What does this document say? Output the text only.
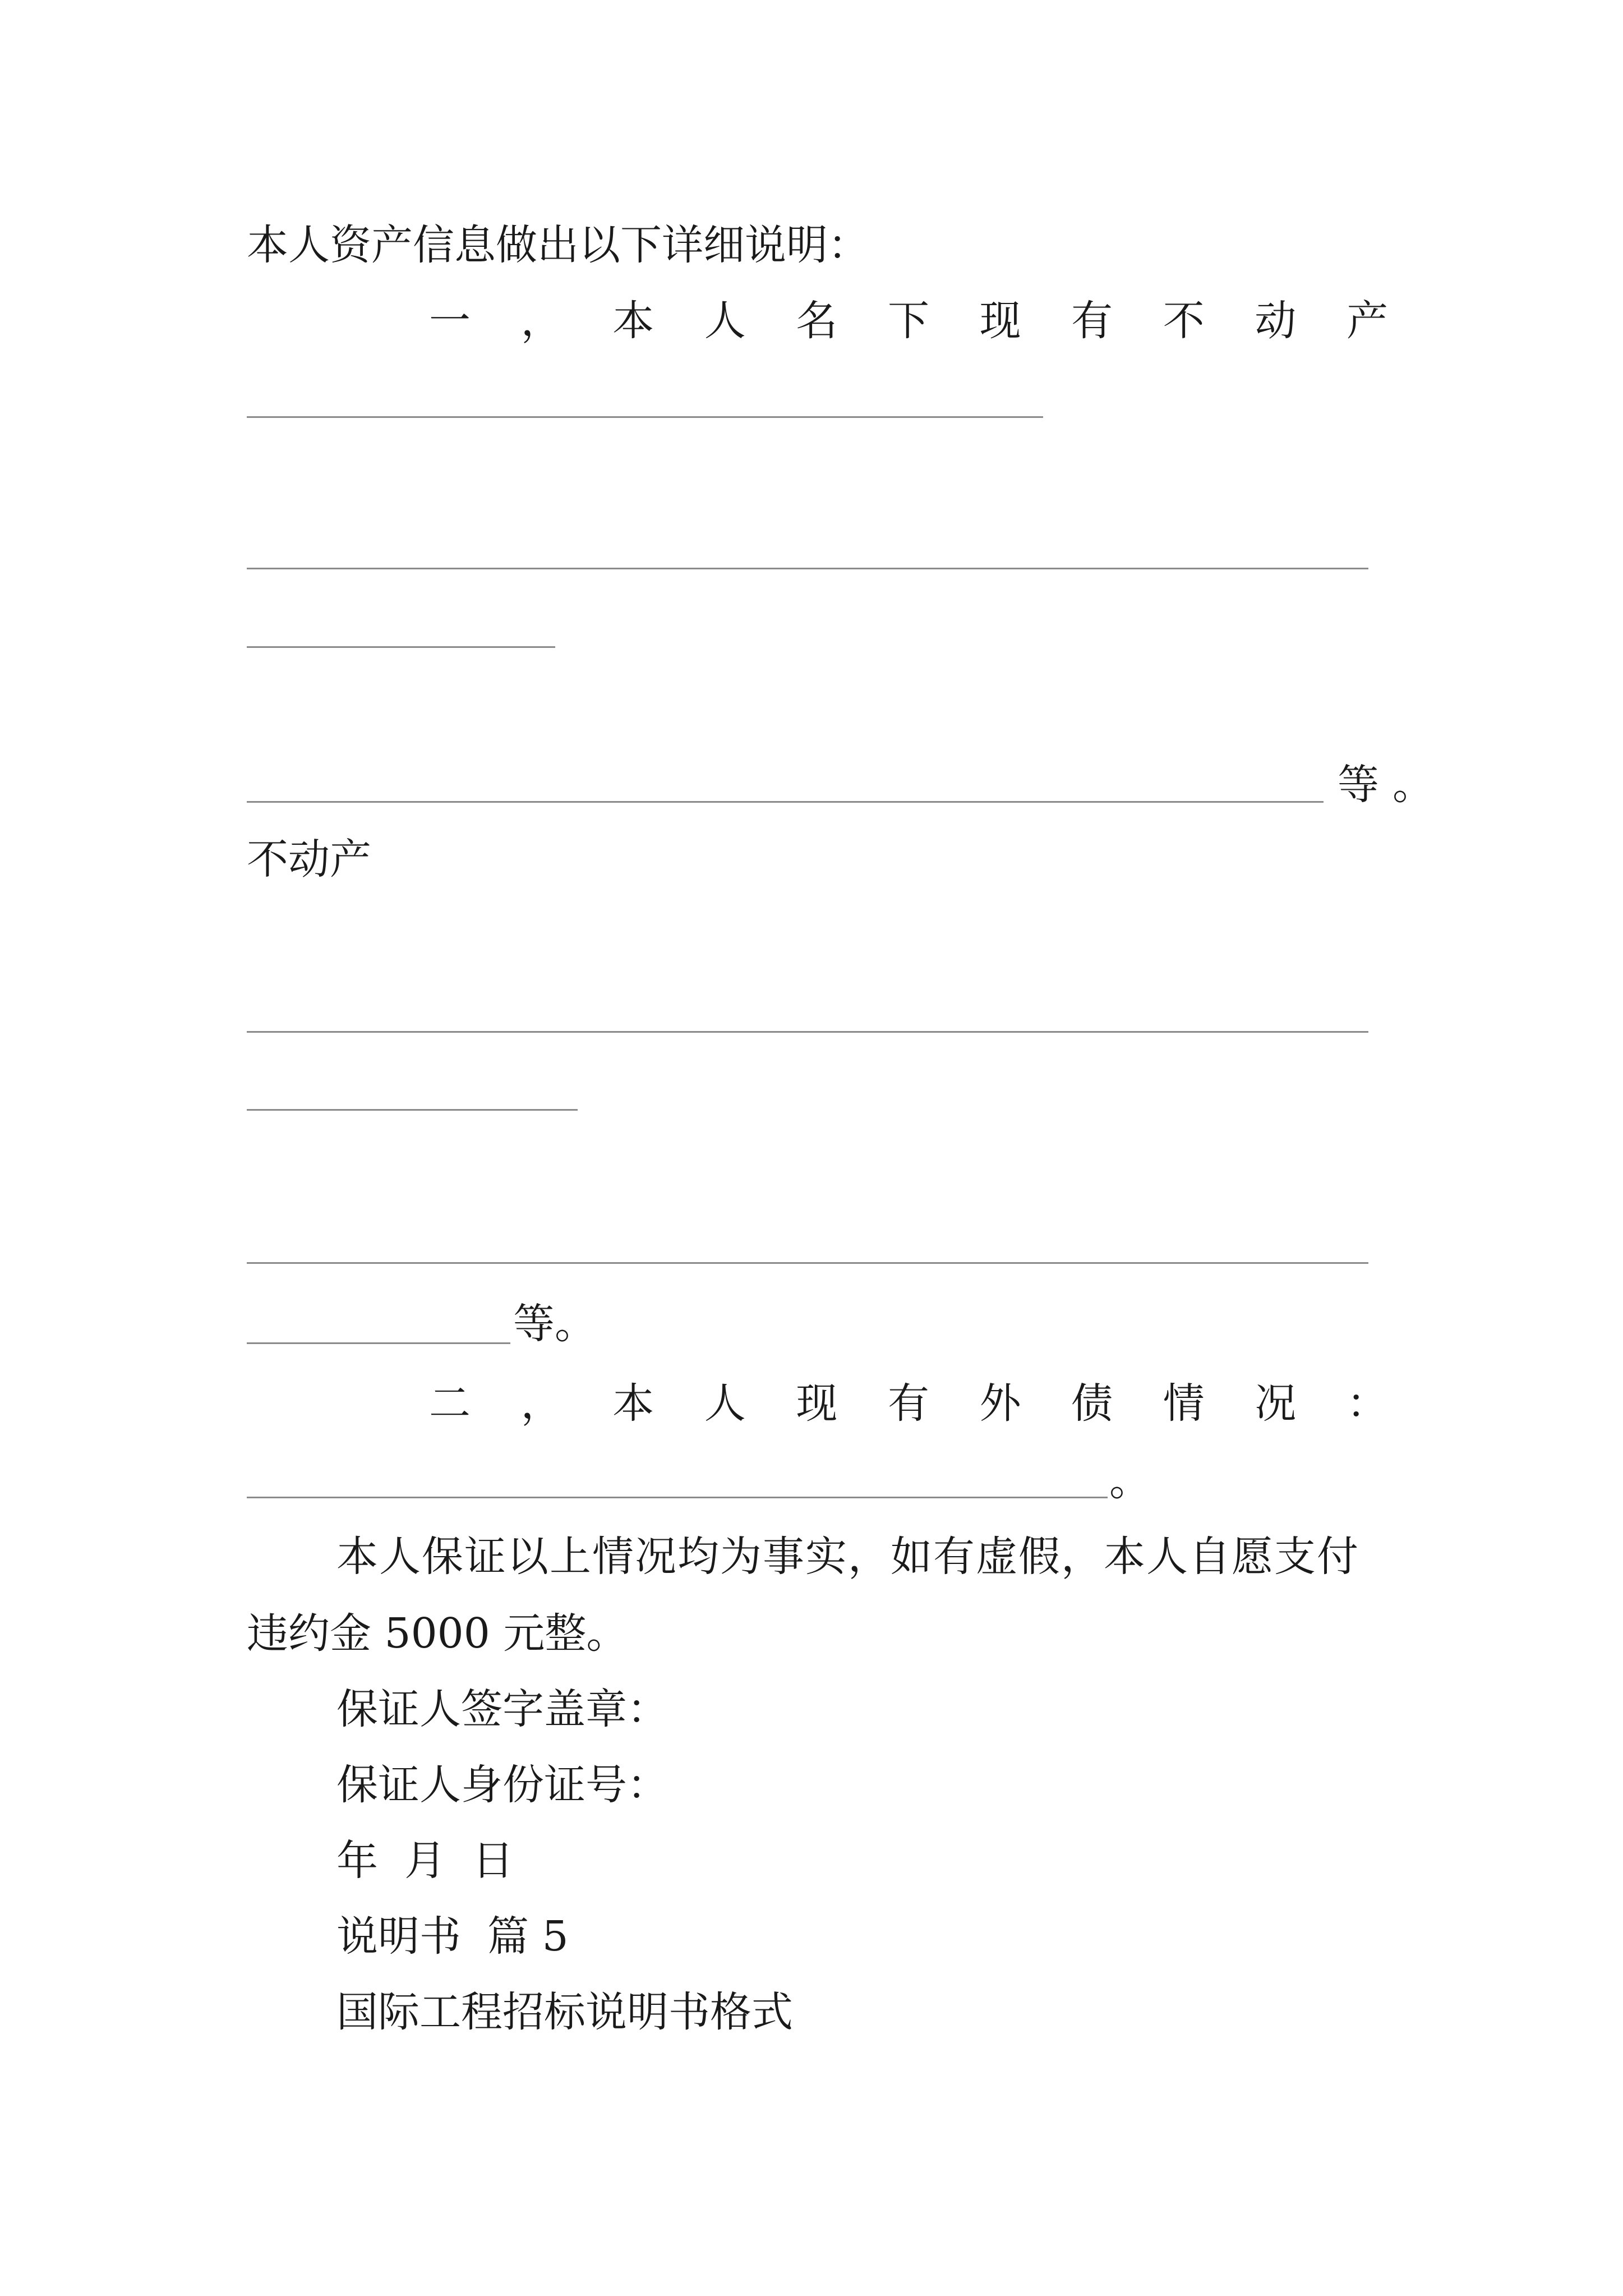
本人资产信息做出以下详细说明：
一 ， 本 人 名 下 现 有 不 动 产
等。
不动产
等。
二 ， 本 人 现 有 外 债 情 况 ：
。
本人保证以上情况均为事实，如有虚假，本人自愿支付
违约金 5000 元整。
保证人签字盖章：
保证人身份证号：
年  月  日
说明书  篇 5
国际工程招标说明书格式
